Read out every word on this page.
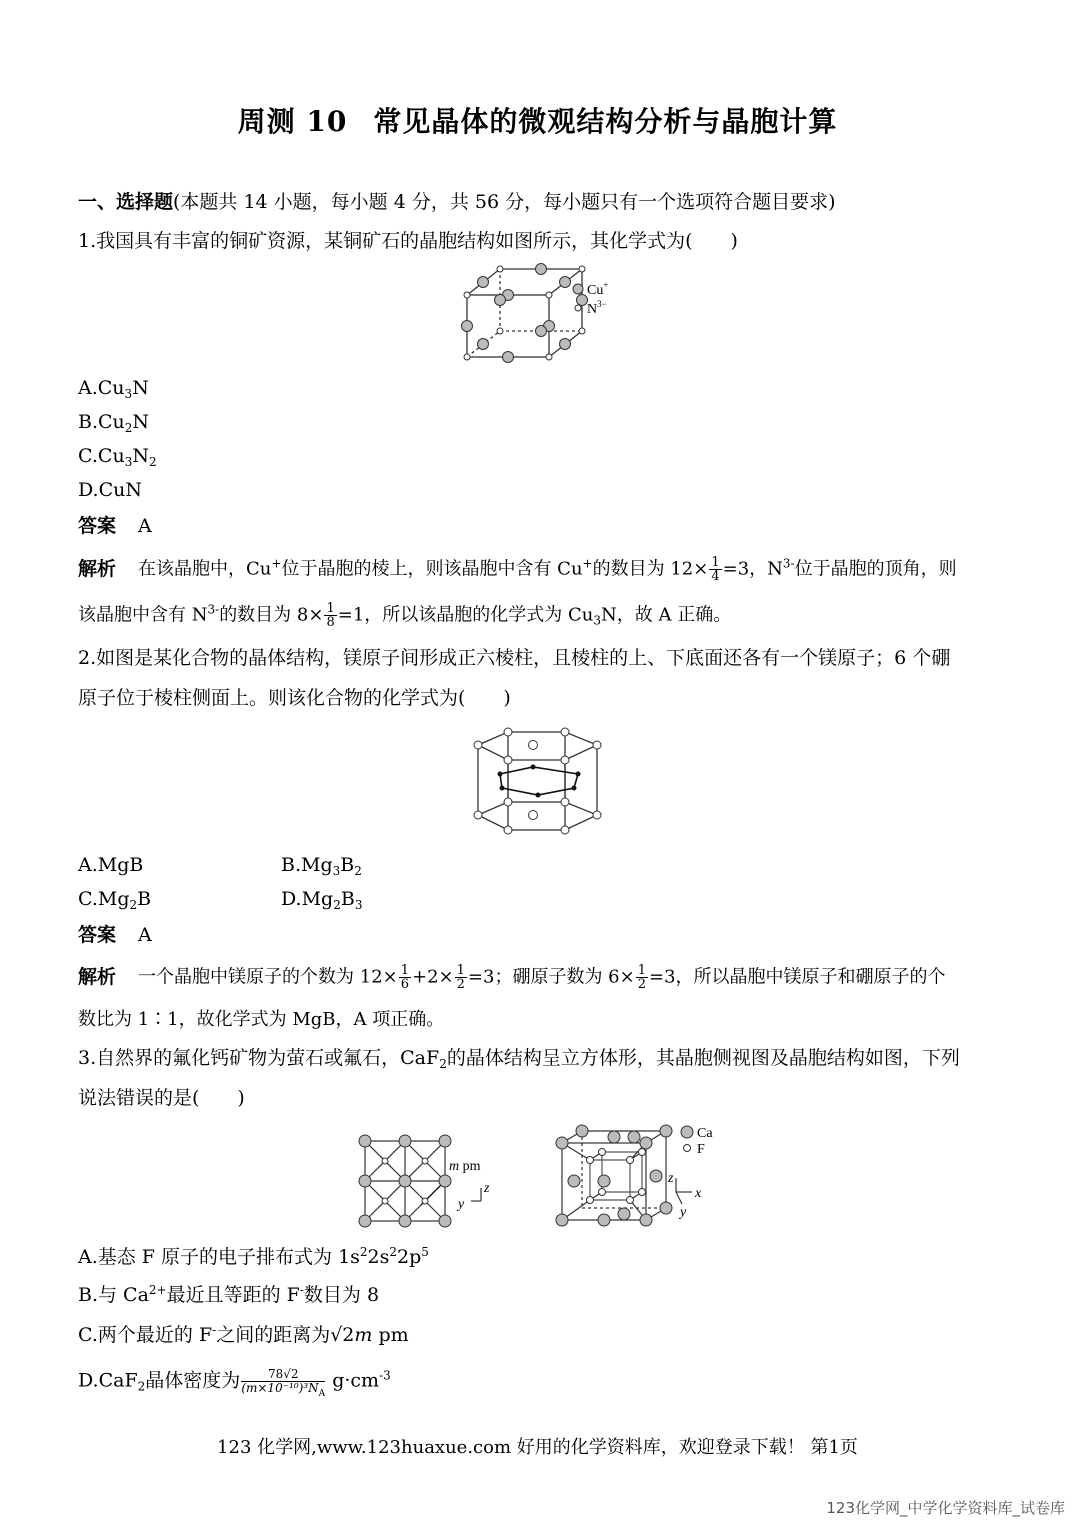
周测 10 常见晶体的微观结构分析与晶胞计算
一、选择题(本题共 14 小题，每小题 4 分，共 56 分，每小题只有一个选项符合题目要求)
1.我国具有丰富的铜矿资源，某铜矿石的晶胞结构如图所示，其化学式为(　　)
Cu+
$N^{3-}$
$A.Cu_3N$
$B.Cu_2N$
$C.Cu_3N_2$
D.CuN
答案 A
解析 在该晶胞中，Cu+位于晶胞的棱上，则该晶胞中含有 Cu+的数目为 $12\times \frac{1}{4} =3$，$N^{3-}$位于晶胞的顶角，则
该晶胞中含有 $N^{3-}$的数目为 $8\times \frac{1}{8} =1$，所以该晶胞的化学式为 $Cu_3N$，故 A 正确。
2.如图是某化合物的晶体结构，镁原子间形成正六棱柱，且棱柱的上、下底面还各有一个镁原子；6 个硼
原子位于棱柱侧面上。则该化合物的化学式为(　　)
A.MgB	$B.Mg_3B_2$
$C.Mg_2B$	$D.Mg_2B_3$
答案 A
解析 一个晶胞中镁原子的个数为 $12\times \frac{1}{6} +2\times \frac{1}{2} =3$；硼原子数为 $6\times \frac{1}{2} =3$，所以晶胞中镁原子和硼原子的个
数比为 1∶1，故化学式为 MgB，A 项正确。
3.自然界的氟化钙矿物为萤石或氟石，CaF$_2$的晶体结构呈立方体形，其晶胞侧视图及晶胞结构如图，下列
说法错误的是(　　)
m pm
y
z
Ca
F
z
x
y
A.基态 F 原子的电子排布式为 $1s^22s^22p^5$
B.与 $Ca^{2+}$最近且等距的 F-数目为 8
C.两个最近的 F-之间的距离为√2m pm
D.CaF$_2$晶体密度为 $\frac{78√2}{(m\times 10^{-10})^3N_A} g\cdot cm^{-3}$
123 化学网,www.123huaxue.com 好用的化学资料库，欢迎登录下载！ 第1页
123化学网_中学化学资料库_试卷库
